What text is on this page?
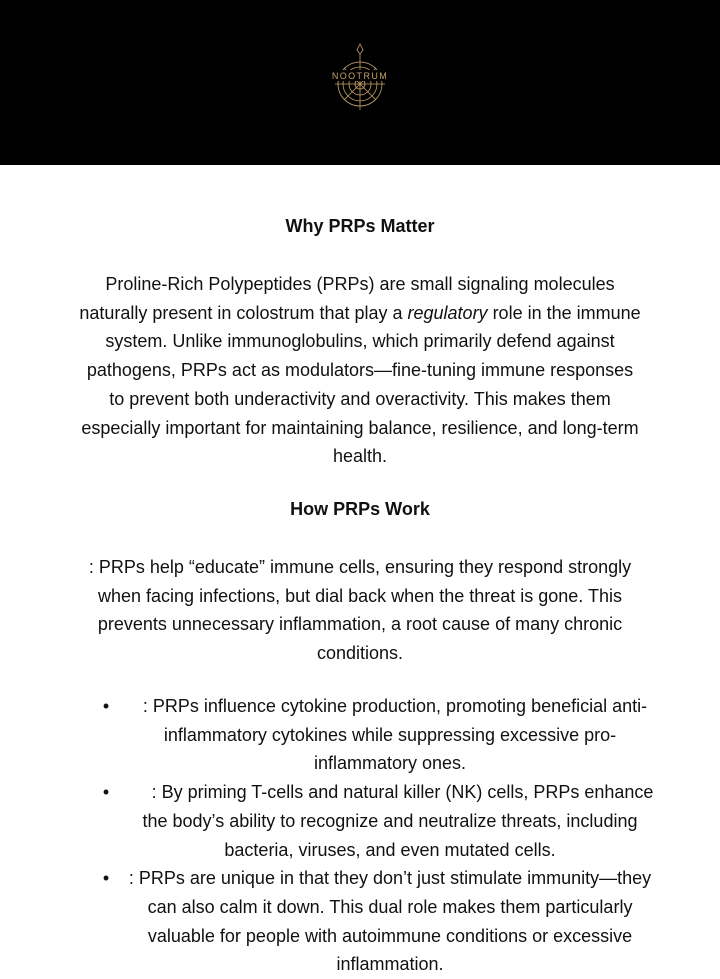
NOOTRUM
Why PRPs Matter

Proline-Rich Polypeptides (PRPs) are small signaling molecules naturally present in colostrum that play a regulatory role in the immune system. Unlike immunoglobulins, which primarily defend against pathogens, PRPs act as modulators—fine-tuning immune responses to prevent both underactivity and overactivity. This makes them especially important for maintaining balance, resilience, and long-term health.

How PRPs Work

: PRPs help “educate” immune cells, ensuring they respond strongly when facing infections, but dial back when the threat is gone. This prevents unnecessary inflammation, a root cause of many chronic conditions.

• : PRPs influence cytokine production, promoting beneficial anti-inflammatory cytokines while suppressing excessive pro-inflammatory ones.
• : By priming T-cells and natural killer (NK) cells, PRPs enhance the body’s ability to recognize and neutralize threats, including bacteria, viruses, and even mutated cells.
• : PRPs are unique in that they don’t just stimulate immunity—they can also calm it down. This dual role makes them particularly valuable for people with autoimmune conditions or excessive inflammation.
